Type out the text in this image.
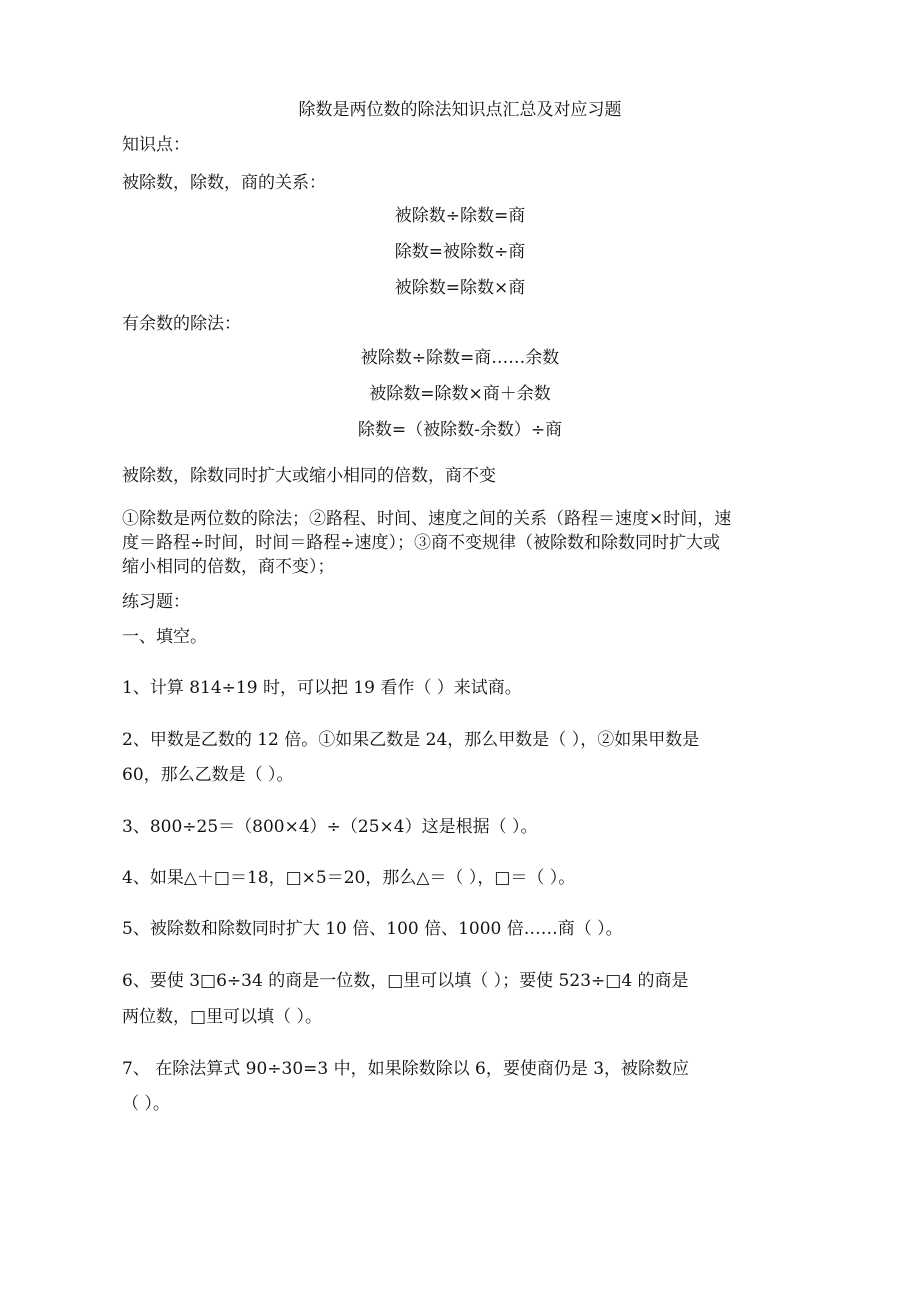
除数是两位数的除法知识点汇总及对应习题
知识点：
被除数，除数，商的关系：
被除数÷除数=商
除数=被除数÷商
被除数=除数×商
有余数的除法：
被除数÷除数=商……余数
被除数=除数×商＋余数
除数=（被除数-余数）÷商
被除数，除数同时扩大或缩小相同的倍数，商不变
①除数是两位数的除法；②路程、时间、速度之间的关系（路程＝速度×时间，速
度＝路程÷时间，时间＝路程÷速度）；③商不变规律（被除数和除数同时扩大或
缩小相同的倍数，商不变）；
练习题：
一、填空。
1、计算 814÷19 时，可以把 19 看作（ ）来试商。
2、甲数是乙数的 12 倍。①如果乙数是 24，那么甲数是（ ），②如果甲数是
60，那么乙数是（ ）。
3、800÷25＝（800×4）÷（25×4）这是根据（ ）。
4、如果△＋□＝18，□×5＝20，那么△＝（ ），□＝（ ）。
5、被除数和除数同时扩大 10 倍、100 倍、1000 倍……商（ ）。
6、要使 3□6÷34 的商是一位数，□里可以填（ ）；要使 523÷□4 的商是
两位数，□里可以填（ ）。
7、 在除法算式 90÷30=3 中，如果除数除以 6，要使商仍是 3，被除数应
（ ）。
